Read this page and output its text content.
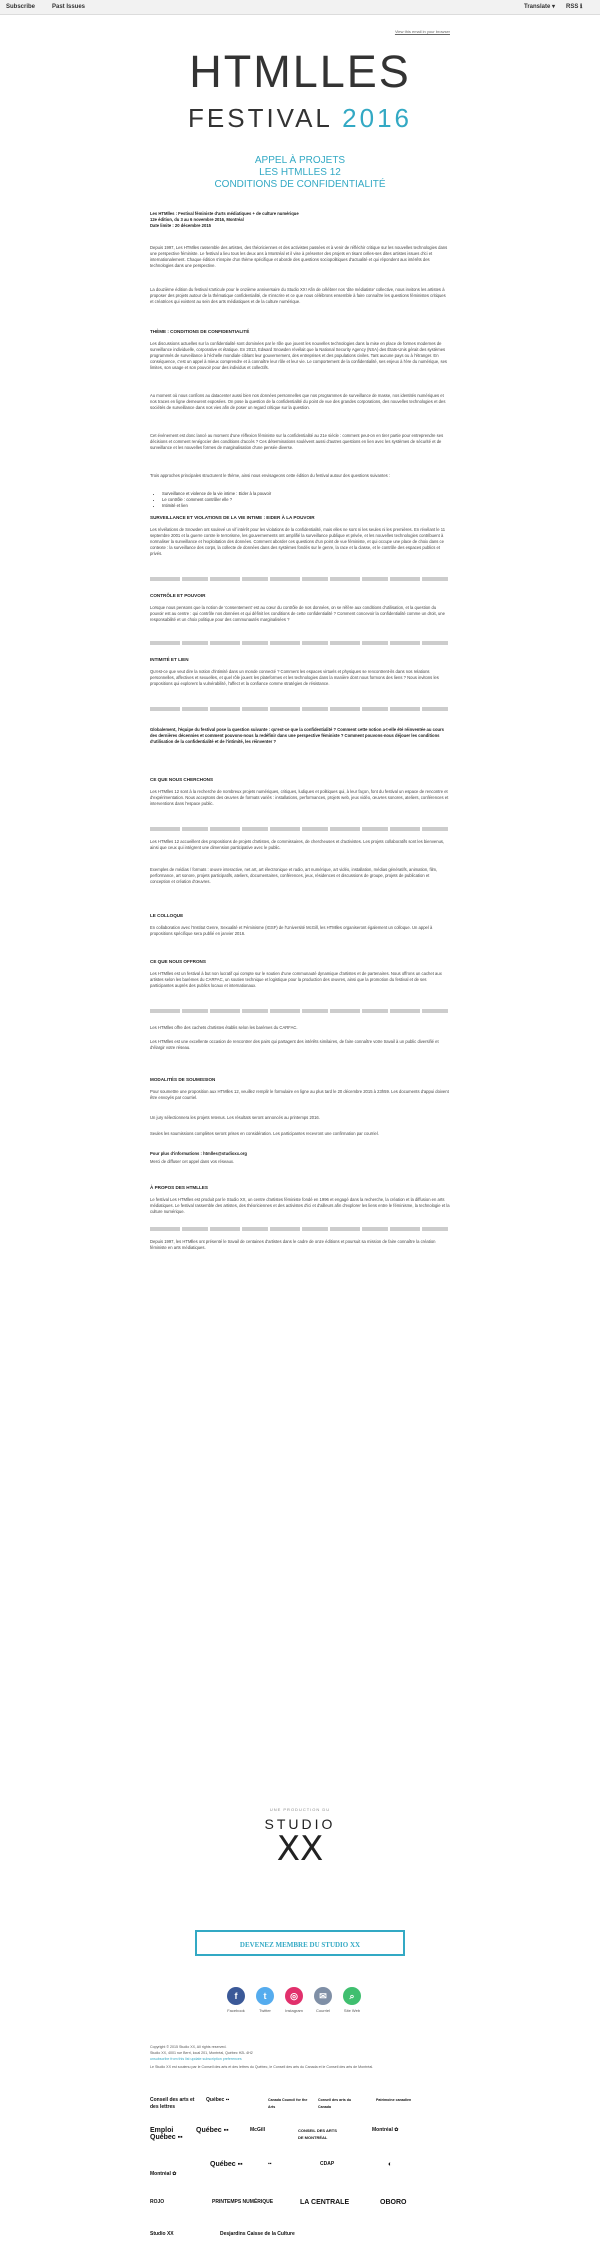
Subscribe	Past Issues	Translate ▾ RSS ℹ
View this email in your browser
HTMLLES
FESTIVAL 2016
APPEL À PROJETS
LES HTMLLES 12
CONDITIONS DE CONFIDENTIALITÉ
Les HTMlles : Festival féministe d'arts médiatiques + de culture numérique
12e édition, du 3 au 6 novembre 2016, Montréal
Date limite : 20 décembre 2015
Depuis 1997, Les HTMlles rassemble des artistes, des théoriciennes et des activistes passées et à venir de réfléchir critique sur les nouvelles technologies dans une perspective féministe. Le festival a lieu tous les deux ans à Montréal et il vise à présenter des projets en tisant celles-ses dites artistes issues d'ici et internationalement. Chaque édition s'inspire d'un thème spécifique et aborde des questions sociopolitiques d'actualité et qui répondent aux intérêts des technologies dans une perspective.
La douzième édition du festival s'articule pour le onzième anniversaire du Studio XX! Afin de célébrer nos 'dite médiatiste' collective, nous invitons les artistes à proposer des projets autour de la thématique confidentialité, de s'inscrire et ce que nous célébrons ensemble à faire connaître les questions féministes critiques et créatrices qui existent au sein des arts médiatiques et de la culture numérique.
THÈME : CONDITIONS DE CONFIDENTIALITÉ
Les discussions actuelles sur la confidentialité sont dominées par le rôle que jouent les nouvelles technologies dans la mise en place de formes modernes de surveillance individuelle, corporative et étatique. En 2013, Edward Snowden révélait que la National Security Agency (NSA) des États-Unis gérait des systèmes programmés de surveillance à l'échelle mondiale ciblant leur gouvernement, des entreprises et des populations civiles. Tant aucune pays ou à l'étranger. En conséquence, c'est un appel à mieux comprendre et à connaître leur rôle et leur vie. Le comportement de la confidentialité, ses enjeux à l'ère du numérique, ses limites, son usage et son pouvoir pour des individus et collectifs.
Au moment où nous confions au datacenter aussi bien nos données personnelles que nos programmes de surveillance de masse, nos identités numériques et nos traces en ligne demeurent exposées. On pose la question de la confidentialité du point de vue des grandes corporations, des nouvelles technologies et des sociétés de surveillance dans nos vies afin de poser un regard critique sur la question.
Cet événement est donc lancé au moment d'une réflexion féministe sur la confidentialité au 21e siècle : comment peut-on en tirer partie pour entreprendre ses décisions et comment renégocier des conditions d'accès ? Ces déterminations soulèvent aussi d'autres questions en lien avec les systèmes de sécurité et de surveillance et les nouvelles formes de marginalisation d'une pensée diverse.
Trois approches principales structurent le thème, ainsi nous envisageons cette édition du festival autour des questions suivantes :
• Surveillance et violence de la vie intime : Eider à la pouvoir
• Le contrôle : comment contrôler elle ?
• Intimité et lien
SURVEILLANCE ET VIOLATIONS DE LA VIE INTIME : EIDER À LA POUVOIR
Les révélations de Snowden ont soulevé un vif intérêt pour les violations de la confidentialité, mais elles ne sont ni les seules ni les premières. En révélant le 11 septembre 2001 et la guerre contre le terrorisme, les gouvernements ont amplifié la surveillance publique et privée, et les nouvelles technologies contribuent à normaliser la surveillance et l'exploitation des données. Comment aborder ces questions d'un point de vue féministe, et qui occupe une place de choix dans ce contexte : la surveillance des corps, la collecte de données dans des systèmes fondés sur le genre, la race et la classe, et le contrôle des espaces publics et privés.
CONTRÔLE ET POUVOIR
Lorsque nous pensons que la notion de 'consentement' est au cœur du contrôle de nos données, on se réfère aux conditions d'utilisation, et la question du pouvoir est au centre : qui contrôle nos données et qui définit les conditions de cette confidentialité ? Comment concevoir la confidentialité comme un droit, une responsabilité et un choix politique pour des communautés marginalisées ?
INTIMITÉ ET LIEN
Qu'est-ce que veut dire la notion d'intimité dans un monde connecté ? Comment les espaces virtuels et physiques se rencontrent-ils dans nos relations personnelles, affectives et sexuelles, et quel rôle jouent les plateformes et les technologies dans la manière dont nous formons des liens ? Nous invitons les propositions qui explorent la vulnérabilité, l'affect et la confiance comme stratégies de résistance.
Globalement, l'équipe du festival pose la question suivante : qu'est-ce que la confidentialité ? Comment cette notion a-t-elle été réinventée au cours des dernières décennies et comment pouvons-nous la redéfinir dans une perspective féministe ? Comment pouvons-nous déjouer les conditions d'utilisation de la confidentialité et de l'intimité, les réinventer ?
CE QUE NOUS CHERCHONS
Les HTMlles 12 sont à la recherche de nombreux projets numériques, critiques, ludiques et politiques qui, à leur façon, font du festival un espace de rencontre et d'expérimentation. Nous acceptons des œuvres de formats variés : installations, performances, projets web, jeux vidéo, œuvres sonores, ateliers, conférences et interventions dans l'espace public.
Les HTMlles 12 accueillent des propositions de projets d'artistes, de commissaires, de chercheuses et d'activistes. Les projets collaboratifs sont les bienvenus, ainsi que ceux qui intègrent une dimension participative avec le public.
Exemples de médias / formats : œuvre interactive, net art, art électronique et radio, art numérique, art vidéo, installation, médias génératifs, animation, film, performance, art sonore, projets participatifs, ateliers, documentaires, conférences, jeux, résidences et discussions de groupe, projets de publication et conception et création d'œuvres.
LE COLLOQUE
En collaboration avec l'Institut Genre, Sexualité et Féminisme (IGSF) de l'Université McGill, les HTMlles organiseront également un colloque. Un appel à propositions spécifique sera publié en janvier 2016.
CE QUE NOUS OFFRONS
Les HTMlles est un festival à but non lucratif qui compte sur le soutien d'une communauté dynamique d'artistes et de partenaires. Nous offrons un cachet aux artistes selon les barèmes du CARFAC, un soutien technique et logistique pour la production des œuvres, ainsi que la promotion du festival et de ses participantes auprès des publics locaux et internationaux.
Les HTMlles offre des cachets d'artistes établis selon les barèmes du CARFAC.
Les HTMlles est une excellente occasion de rencontrer des pairs qui partagent des intérêts similaires, de faire connaître votre travail à un public diversifié et d'élargir votre réseau.
MODALITÉS DE SOUMISSION
Pour soumettre une proposition aux HTMlles 12, veuillez remplir le formulaire en ligne au plus tard le 20 décembre 2015 à 23h59. Les documents d'appui doivent être envoyés par courriel.
Un jury sélectionnera les projets retenus. Les résultats seront annoncés au printemps 2016.
Seules les soumissions complètes seront prises en considération. Les participantes recevront une confirmation par courriel.
Pour plus d'informations : htmlles@studioxx.org
Merci de diffuser cet appel dans vos réseaux.
À PROPOS DES HTMLLES
Le festival Les HTMlles est produit par le Studio XX, un centre d'artistes féministe fondé en 1996 et engagé dans la recherche, la création et la diffusion en arts médiatiques. Le festival rassemble des artistes, des théoriciennes et des activistes d'ici et d'ailleurs afin d'explorer les liens entre le féminisme, la technologie et la culture numérique.
Depuis 1997, les HTMlles ont présenté le travail de centaines d'artistes dans le cadre de onze éditions et poursuit sa mission de faire connaître la création féministe en arts médiatiques.
UNE PRODUCTION DU
STUDIO
XX
DEVENEZ MEMBRE DU STUDIO XX
f
Facebook
t
Twitter
◎
Instagram
✉
Courriel
⌕
Site Web
Copyright © 2015 Studio XX, All rights reserved.
Studio XX, 4001 rue Berri, local 201, Montréal, Québec H2L 4H2
unsubscribe from this list update subscription preferences
Le Studio XX est soutenu par le Conseil des arts et des lettres du Québec, le Conseil des arts du Canada et le Conseil des arts de Montréal.
Conseil des arts et des lettres
Québec ▪▪	Canada Council for the Arts
Conseil des arts du Canada
Patrimoine canadien
Emploi Québec ▪▪
Québec ▪▪	McGill	CONSEIL DES ARTS DE MONTRÉAL
Montréal ✿
Québec ▪▪
Montréal ✿
▪▪	CDAP	◐
ROJO	PRINTEMPS NUMÉRIQUE	LA CENTRALE	OBORO
Studio XX	Desjardins Caisse de la Culture
